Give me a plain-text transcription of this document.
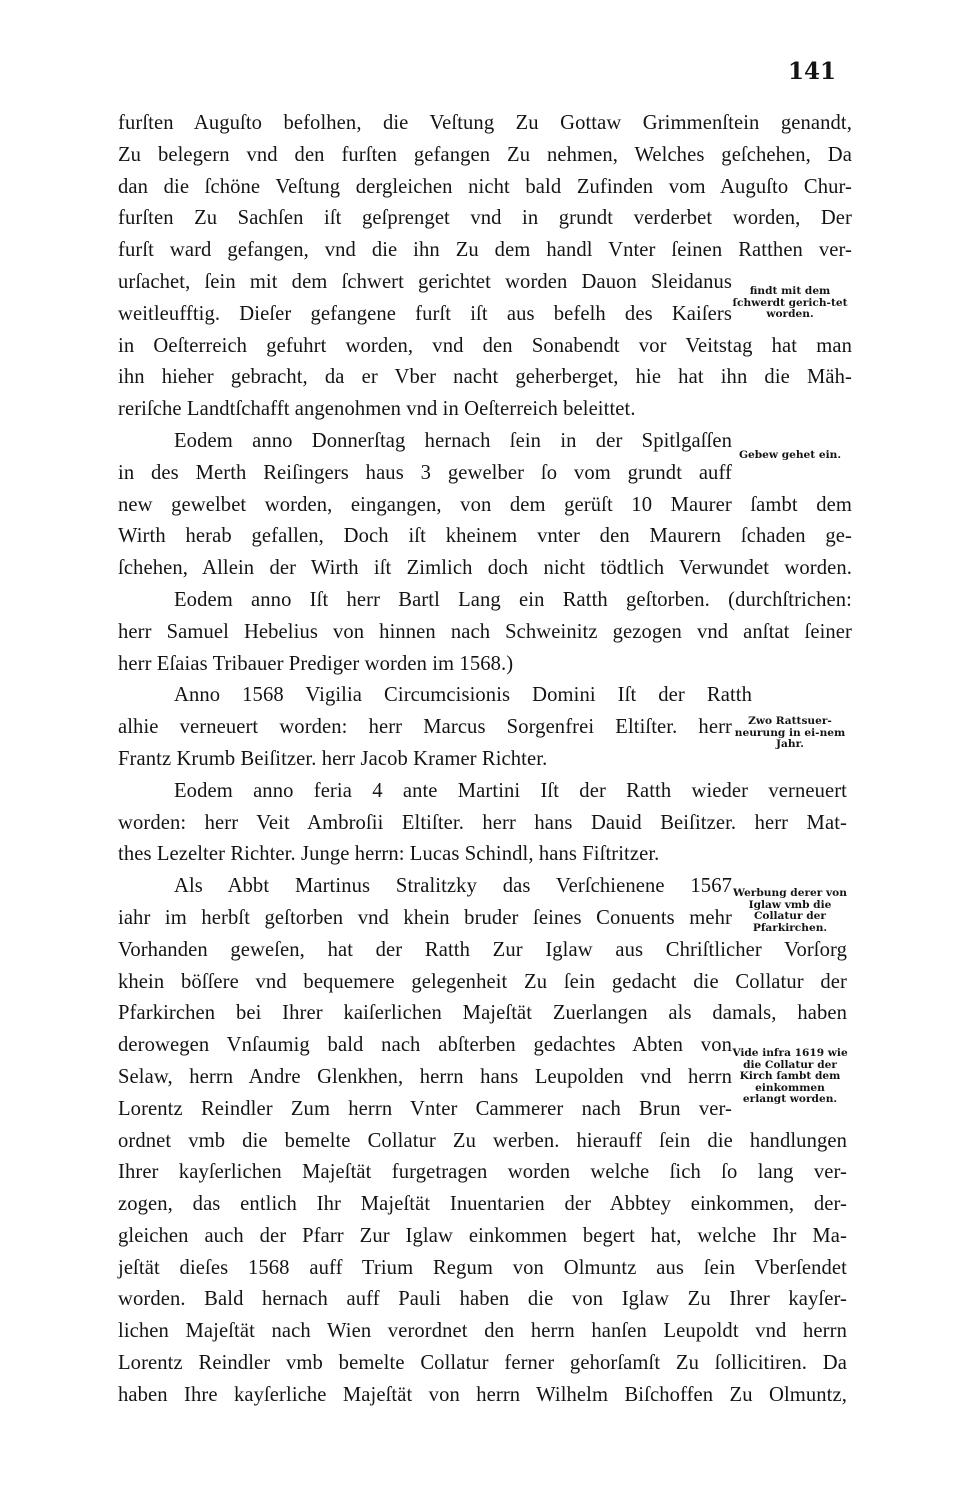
141
furſten Auguſto befolhen, die Veſtung Zu Gottaw Grimmenſtein genandt,
Zu belegern vnd den furſten gefangen Zu nehmen, Welches geſchehen, Da
dan die ſchöne Veſtung dergleichen nicht bald Zufinden vom Auguſto Chur-
furſten Zu Sachſen iſt geſprenget vnd in grundt verderbet worden, Der
furſt ward gefangen, vnd die ihn Zu dem handl Vnter ſeinen Ratthen ver-
urſachet, ſein mit dem ſchwert gerichtet worden Dauon Sleidanus
weitleufftig. Dieſer gefangene furſt iſt aus befelh des Kaiſers
in Oeſterreich gefuhrt worden, vnd den Sonabendt vor Veitstag hat man
ihn hieher gebracht, da er Vber nacht geherberget, hie hat ihn die Mäh-
reriſche Landtſchafft angenohmen vnd in Oeſterreich beleittet.
Eodem anno Donnerſtag hernach ſein in der Spitlgaſſen
in des Merth Reiſingers haus 3 gewelber ſo vom grundt auff
new gewelbet worden, eingangen, von dem gerüſt 10 Maurer ſambt dem
Wirth herab gefallen, Doch iſt kheinem vnter den Maurern ſchaden ge-
ſchehen, Allein der Wirth iſt Zimlich doch nicht tödtlich Verwundet worden.
Eodem anno Iſt herr Bartl Lang ein Ratth geſtorben. (durchſtrichen:
herr Samuel Hebelius von hinnen nach Schweinitz gezogen vnd anſtat ſeiner
herr Eſaias Tribauer Prediger worden im 1568.)
Anno 1568 Vigilia Circumcisionis Domini Iſt der Ratth
alhie verneuert worden: herr Marcus Sorgenfrei Eltiſter. herr
Frantz Krumb Beiſitzer. herr Jacob Kramer Richter.
Eodem anno feria 4 ante Martini Iſt der Ratth wieder verneuert
worden: herr Veit Ambroſii Eltiſter. herr hans Dauid Beiſitzer. herr Mat-
thes Lezelter Richter. Junge herrn: Lucas Schindl, hans Fiſtritzer.
Als Abbt Martinus Stralitzky das Verſchienene 1567
iahr im herbſt geſtorben vnd khein bruder ſeines Conuents mehr
Vorhanden geweſen, hat der Ratth Zur Iglaw aus Chriſtlicher Vorſorg
khein böſſere vnd bequemere gelegenheit Zu ſein gedacht die Collatur der
Pfarkirchen bei Ihrer kaiſerlichen Majeſtät Zuerlangen als damals, haben
derowegen Vnſaumig bald nach abſterben gedachtes Abten von
Selaw, herrn Andre Glenkhen, herrn hans Leupolden vnd herrn
Lorentz Reindler Zum herrn Vnter Cammerer nach Brun ver-
ordnet vmb die bemelte Collatur Zu werben. hierauff ſein die handlungen
Ihrer kayſerlichen Majeſtät furgetragen worden welche ſich ſo lang ver-
zogen, das entlich Ihr Majeſtät Inuentarien der Abbtey einkommen, der-
gleichen auch der Pfarr Zur Iglaw einkommen begert hat, welche Ihr Ma-
jeſtät dieſes 1568 auff Trium Regum von Olmuntz aus ſein Vberſendet
worden. Bald hernach auff Pauli haben die von Iglaw Zu Ihrer kayſer-
lichen Majeſtät nach Wien verordnet den herrn hanſen Leupoldt vnd herrn
Lorentz Reindler vmb bemelte Collatur ferner gehorſamſt Zu ſollicitiren. Da
haben Ihre kayſerliche Majeſtät von herrn Wilhelm Biſchoffen Zu Olmuntz,
findt mit dem ſchwerdt gerich-tet worden.
Gebew gehet ein.
Zwo Rattsuer-neurung in ei-nem Jahr.
Werbung derer von Iglaw vmb die Collatur der Pfarkirchen.
Vide infra 1619 wie die Collatur der Kirch ſambt dem einkommen erlangt worden.
